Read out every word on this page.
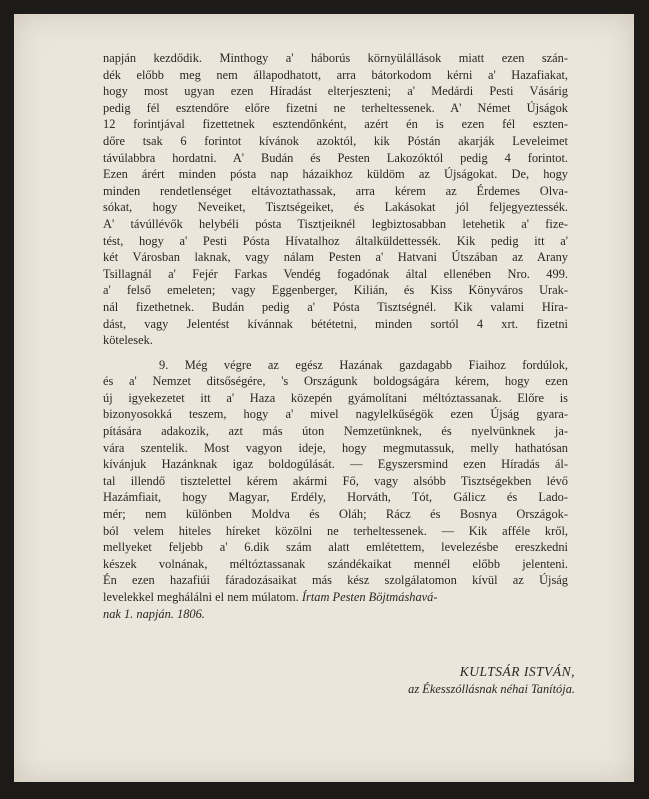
napján kezdődik. Minthogy a' háborús környülállások miatt ezen szán-
dék előbb meg nem állapodhatott, arra bátorkodom kérni a' Hazafiakat,
hogy most ugyan ezen Híradást elterjeszteni; a' Medárdi Pesti Vásárig
pedig fél esztendőre előre fizetni ne terheltessenek. A' Német Újságok
12 forintjával fizettetnek esztendőnként, azért én is ezen fél eszten-
dőre tsak 6 forintot kívánok azoktól, kik Póstán akarják Leveleimet
távúlabbra hordatni. A' Budán és Pesten Lakozóktól pedig 4 forintot.
Ezen árért minden pósta nap házaikhoz küldöm az Újságokat. De, hogy
minden rendetlenséget eltávoztathassak, arra kérem az Érdemes Olva-
sókat, hogy Neveiket, Tisztségeiket, és Lakásokat jól feljegyeztessék.
A' távúllévők helybéli pósta Tisztjeiknél legbiztosabban letehetik a' fize-
tést, hogy a' Pesti Pósta Hívatalhoz általküldettessék. Kik pedig itt a'
két Városban laknak, vagy nálam Pesten a' Hatvani Útszában az Arany
Tsillagnál a' Fejér Farkas Vendég fogadónak által ellenében Nro. 499.
a' felső emeleten; vagy Eggenberger, Kilián, és Kiss Könyváros Urak-
nál fizethetnek. Budán pedig a' Pósta Tisztségnél. Kik valami Híra-
dást, vagy Jelentést kívánnak bététetni, minden sortól 4 xrt. fizetni
kötelesek.
9. Még végre az egész Hazának gazdagabb Fiaihoz fordúlok,
és a' Nemzet ditsőségére, 's Országunk boldogságára kérem, hogy ezen
új igyekezetet itt a' Haza közepén gyámolítani méltóztassanak. Előre is
bizonyosokká teszem, hogy a' mivel nagylelkűségök ezen Újság gyara-
pítására adakozik, azt más úton Nemzetünknek, és nyelvünknek ja-
vára szentelik. Most vagyon ideje, hogy megmutassuk, melly hathatósan
kívánjuk Hazánknak igaz boldogúlását. — Egyszersmind ezen Híradás ál-
tal illendő tisztelettel kérem akármi Fő, vagy alsóbb Tisztségekben lévő
Hazámfiait, hogy Magyar, Erdély, Horváth, Tót, Gálicz és Lado-
mér; nem különben Moldva és Oláh; Rácz és Bosnya Országok-
ból velem hiteles híreket közölni ne terheltessenek. — Kik afféle kről,
mellyeket feljebb a' 6.dik szám alatt emlétettem, levelezésbe ereszkedni
készek volnának, méltóztassanak szándékaikat mennél előbb jelenteni.
Én ezen hazafiúi fáradozásaikat más kész szolgálatomon kívül az Újság
levelekkel meghálálni el nem múlatom. Írtam Pesten Böjtmáshavá-
nak 1. napján. 1806.
KULTSÁR ISTVÁN,
az Ékesszóllásnak néhai Tanítója.
